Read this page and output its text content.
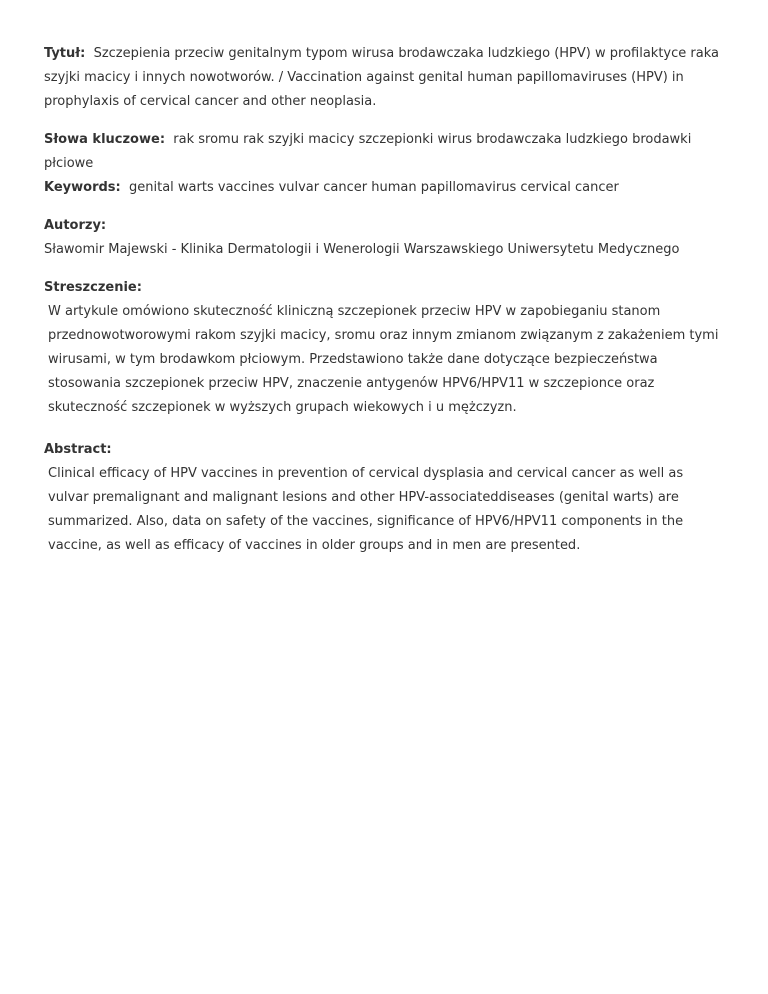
Tytuł: Szczepienia przeciw genitalnym typom wirusa brodawczaka ludzkiego (HPV) w profilaktyce raka szyjki macicy i innych nowotworów. / Vaccination against genital human papillomaviruses (HPV) in prophylaxis of cervical cancer and other neoplasia.

Słowa kluczowe: rak sromu rak szyjki macicy szczepionki wirus brodawczaka ludzkiego brodawki płciowe

Keywords: genital warts vaccines vulvar cancer human papillomavirus cervical cancer

Autorzy:

Sławomir Majewski - Klinika Dermatologii i Wenerologii Warszawskiego Uniwersytetu Medycznego

Streszczenie:

W artykule omówiono skuteczność kliniczną szczepionek przeciw HPV w zapobieganiu stanom przednowotworowymi rakom szyjki macicy, sromu oraz innym zmianom związanym z zakażeniem tymi wirusami, w tym brodawkom płciowym. Przedstawiono także dane dotyczące bezpieczeństwa stosowania szczepionek przeciw HPV, znaczenie antygenów HPV6/HPV11 w szczepionce oraz skuteczność szczepionek w wyższych grupach wiekowych i u mężczyzn.

Abstract:

Clinical efficacy of HPV vaccines in prevention of cervical dysplasia and cervical cancer as well as vulvar premalignant and malignant lesions and other HPV-associateddiseases (genital warts) are summarized. Also, data on safety of the vaccines, significance of HPV6/HPV11 components in the vaccine, as well as efficacy of vaccines in older groups and in men are presented.
